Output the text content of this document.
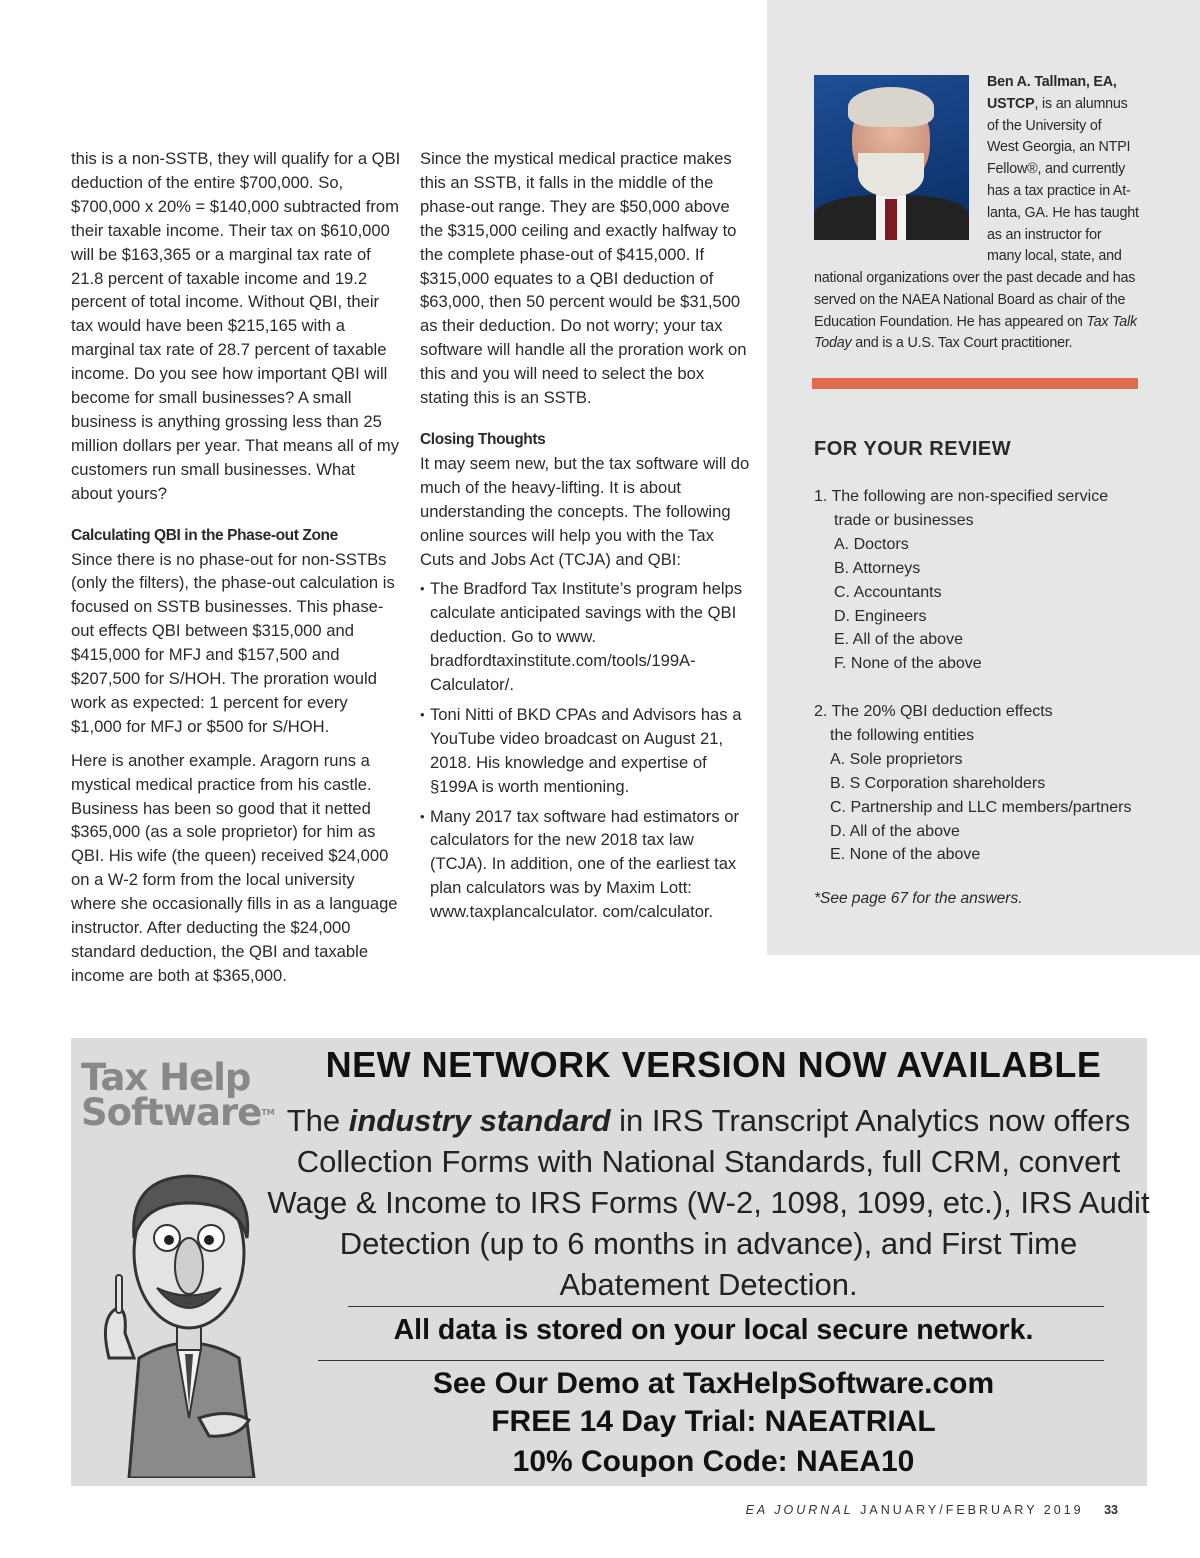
this is a non-SSTB, they will qualify for a QBI deduction of the entire $700,000. So, $700,000 x 20% = $140,000 subtracted from their taxable income. Their tax on $610,000 will be $163,365 or a marginal tax rate of 21.8 percent of taxable income and 19.2 percent of total income. Without QBI, their tax would have been $215,165 with a marginal tax rate of 28.7 percent of taxable income. Do you see how important QBI will become for small businesses? A small business is anything grossing less than 25 million dollars per year. That means all of my customers run small businesses. What about yours?

Calculating QBI in the Phase-out Zone

Since there is no phase-out for non-SSTBs (only the filters), the phase-out calculation is focused on SSTB businesses. This phase-out effects QBI between $315,000 and $415,000 for MFJ and $157,500 and $207,500 for S/HOH. The proration would work as expected: 1 percent for every $1,000 for MFJ or $500 for S/HOH.

Here is another example. Aragorn runs a mystical medical practice from his castle. Business has been so good that it netted $365,000 (as a sole proprietor) for him as QBI. His wife (the queen) received $24,000 on a W-2 form from the local university where she occasionally fills in as a language instructor. After deducting the $24,000 standard deduction, the QBI and taxable income are both at $365,000.

Since the mystical medical practice makes this an SSTB, it falls in the middle of the phase-out range. They are $50,000 above the $315,000 ceiling and exactly halfway to the complete phase-out of $415,000. If $315,000 equates to a QBI deduction of $63,000, then 50 percent would be $31,500 as their deduction. Do not worry; your tax software will handle all the proration work on this and you will need to select the box stating this is an SSTB.

Closing Thoughts

It may seem new, but the tax software will do much of the heavy-lifting. It is about understanding the concepts. The following online sources will help you with the Tax Cuts and Jobs Act (TCJA) and QBI:

• The Bradford Tax Institute’s program helps calculate anticipated savings with the QBI deduction. Go to www. bradfordtaxinstitute.com/tools/199A-Calculator/.
• Toni Nitti of BKD CPAs and Advisors has a YouTube video broadcast on August 21, 2018. His knowledge and expertise of §199A is worth mentioning.
• Many 2017 tax software had estimators or calculators for the new 2018 tax law (TCJA). In addition, one of the earliest tax plan calculators was by Maxim Lott: www.taxplancalculator. com/calculator.
Ben A. Tallman, EA, USTCP, is an alumnus
of the University of
West Georgia, an NTPI
Fellow®, and currently
has a tax practice in At-
lanta, GA. He has taught
as an instructor for
many local, state, and
national organizations over the past decade and has served on the NAEA National Board as chair of the Education Foundation. He has appeared on Tax Talk Today and is a U.S. Tax Court practitioner.
FOR YOUR REVIEW
1. The following are non-specified service
trade or businesses
A. Doctors
B. Attorneys
C. Accountants
D. Engineers
E. All of the above
F. None of the above
2. The 20% QBI deduction effects
the following entities
A. Sole proprietors
B. S Corporation shareholders
C. Partnership and LLC members/partners
D. All of the above
E. None of the above
*See page 67 for the answers.
Tax Help
SoftwareTM
NEW NETWORK VERSION NOW AVAILABLE
The industry standard in IRS Transcript Analytics now offers Collection Forms with National Standards, full CRM, convert Wage & Income to IRS Forms (W-2, 1098, 1099, etc.), IRS Audit Detection (up to 6 months in advance), and First Time Abatement Detection.
All data is stored on your local secure network.
See Our Demo at TaxHelpSoftware.com
FREE 14 Day Trial: NAEATRIAL
10% Coupon Code: NAEA10
EA JOURNAL JANUARY/FEBRUARY 2019 33
